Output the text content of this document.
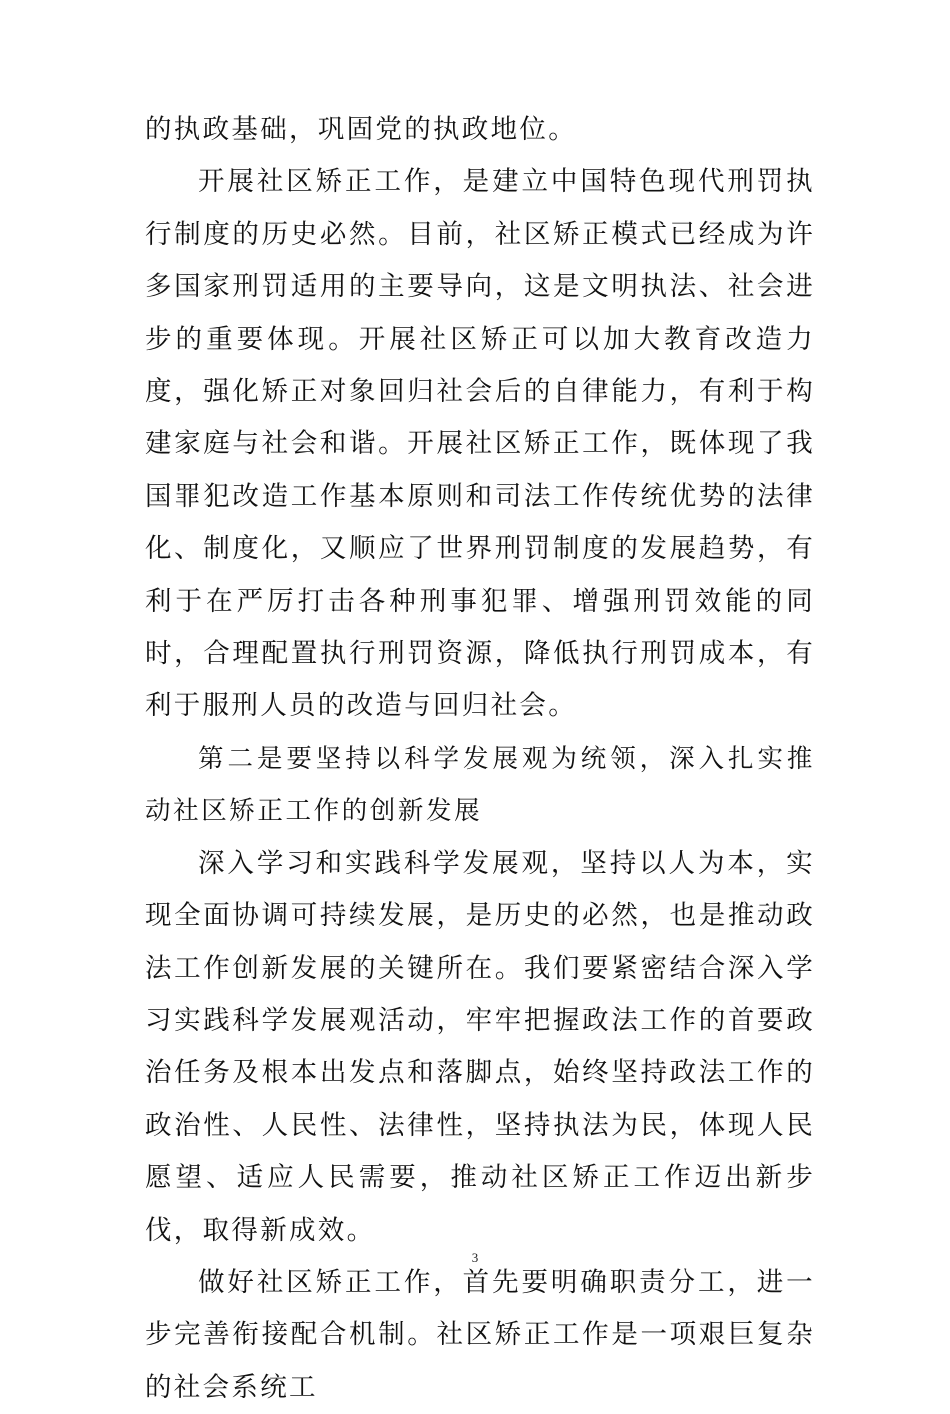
的执政基础，巩固党的执政地位。

开展社区矫正工作，是建立中国特色现代刑罚执行制度的历史必然。目前，社区矫正模式已经成为许多国家刑罚适用的主要导向，这是文明执法、社会进步的重要体现。开展社区矫正可以加大教育改造力度，强化矫正对象回归社会后的自律能力，有利于构建家庭与社会和谐。开展社区矫正工作，既体现了我国罪犯改造工作基本原则和司法工作传统优势的法律化、制度化，又顺应了世界刑罚制度的发展趋势，有利于在严厉打击各种刑事犯罪、增强刑罚效能的同时，合理配置执行刑罚资源，降低执行刑罚成本，有利于服刑人员的改造与回归社会。

第二是要坚持以科学发展观为统领，深入扎实推动社区矫正工作的创新发展

深入学习和实践科学发展观，坚持以人为本，实现全面协调可持续发展，是历史的必然，也是推动政法工作创新发展的关键所在。我们要紧密结合深入学习实践科学发展观活动，牢牢把握政法工作的首要政治任务及根本出发点和落脚点，始终坚持政法工作的政治性、人民性、法律性，坚持执法为民，体现人民愿望、适应人民需要，推动社区矫正工作迈出新步伐，取得新成效。

做好社区矫正工作，首先要明确职责分工，进一步完善衔接配合机制。社区矫正工作是一项艰巨复杂的社会系统工

3
